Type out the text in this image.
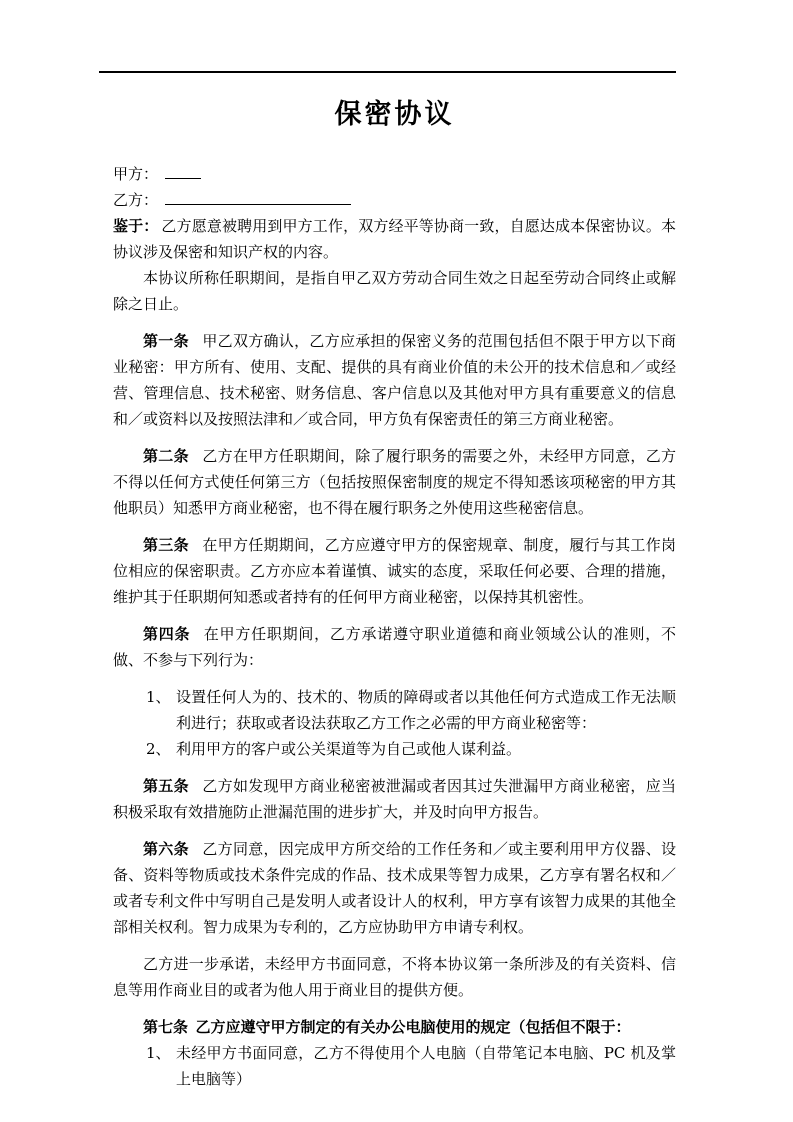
保密协议
甲方：
乙方：

鉴于： 乙方愿意被聘用到甲方工作，双方经平等协商一致，自愿达成本保密协议。本协议涉及保密和知识产权的内容。

本协议所称任职期间，是指自甲乙双方劳动合同生效之日起至劳动合同终止或解除之日止。

第一条 甲乙双方确认，乙方应承担的保密义务的范围包括但不限于甲方以下商业秘密：甲方所有、使用、支配、提供的具有商业价值的未公开的技术信息和／或经营、管理信息、技术秘密、财务信息、客户信息以及其他对甲方具有重要意义的信息和／或资料以及按照法津和／或合同，甲方负有保密责任的第三方商业秘密。

第二条 乙方在甲方任职期间，除了履行职务的需要之外，未经甲方同意，乙方不得以任何方式使任何第三方（包括按照保密制度的规定不得知悉该项秘密的甲方其他职员）知悉甲方商业秘密，也不得在履行职务之外使用这些秘密信息。

第三条 在甲方任期期间，乙方应遵守甲方的保密规章、制度，履行与其工作岗位相应的保密职责。乙方亦应本着谨慎、诚实的态度，采取任何必要、合理的措施，维护其于任职期何知悉或者持有的任何甲方商业秘密，以保持其机密性。

第四条 在甲方任职期间，乙方承诺遵守职业道德和商业领域公认的准则，不做、不参与下列行为：

1、 设置任何人为的、技术的、物质的障碍或者以其他任何方式造成工作无法顺利进行；获取或者设法获取乙方工作之必需的甲方商业秘密等：
2、 利用甲方的客户或公关渠道等为自己或他人谋利益。

第五条 乙方如发现甲方商业秘密被泄漏或者因其过失泄漏甲方商业秘密，应当积极采取有效措施防止泄漏范围的进步扩大，并及时向甲方报告。

第六条 乙方同意，因完成甲方所交给的工作任务和／或主要利用甲方仪器、设备、资料等物质或技术条件完成的作品、技术成果等智力成果，乙方享有署名权和／或者专利文件中写明自己是发明人或者设计人的权利，甲方享有该智力成果的其他全部相关权利。智力成果为专利的，乙方应协助甲方申请专利权。

乙方进一步承诺，未经甲方书面同意，不将本协议第一条所涉及的有关资料、信息等用作商业目的或者为他人用于商业目的提供方便。

第七条 乙方应遵守甲方制定的有关办公电脑使用的规定（包括但不限于：

1、 未经甲方书面同意，乙方不得使用个人电脑（自带笔记本电脑、PC 机及掌上电脑等）
